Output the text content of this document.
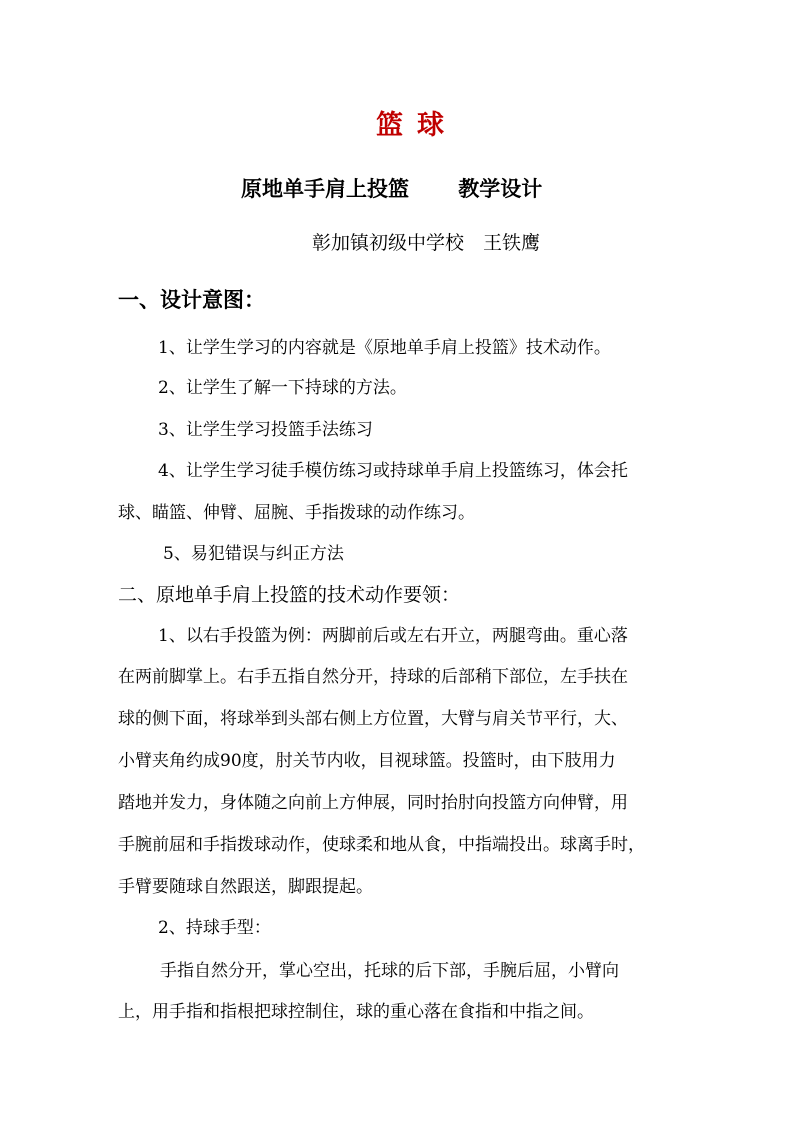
篮球
原地单手肩上投篮　　 教学设计
彰加镇初级中学校　王铁鹰
一、设计意图：
1、让学生学习的内容就是《原地单手肩上投篮》技术动作。
2、让学生了解一下持球的方法。
3、让学生学习投篮手法练习
4、让学生学习徒手模仿练习或持球单手肩上投篮练习，体会托
球、瞄篮、伸臂、屈腕、手指拨球的动作练习。
5、易犯错误与纠正方法
二、原地单手肩上投篮的技术动作要领：
1、以右手投篮为例：两脚前后或左右开立，两腿弯曲。重心落
在两前脚掌上。右手五指自然分开，持球的后部稍下部位，左手扶在
球的侧下面，将球举到头部右侧上方位置，大臂与肩关节平行，大、
小臂夹角约成90度，肘关节内收，目视球篮。投篮时，由下肢用力
踏地并发力，身体随之向前上方伸展，同时抬肘向投篮方向伸臂，用
手腕前屈和手指拨球动作，使球柔和地从食，中指端投出。球离手时，
手臂要随球自然跟送，脚跟提起。
2、持球手型：
手指自然分开，掌心空出，托球的后下部，手腕后屈，小臂向
上，用手指和指根把球控制住，球的重心落在食指和中指之间。
